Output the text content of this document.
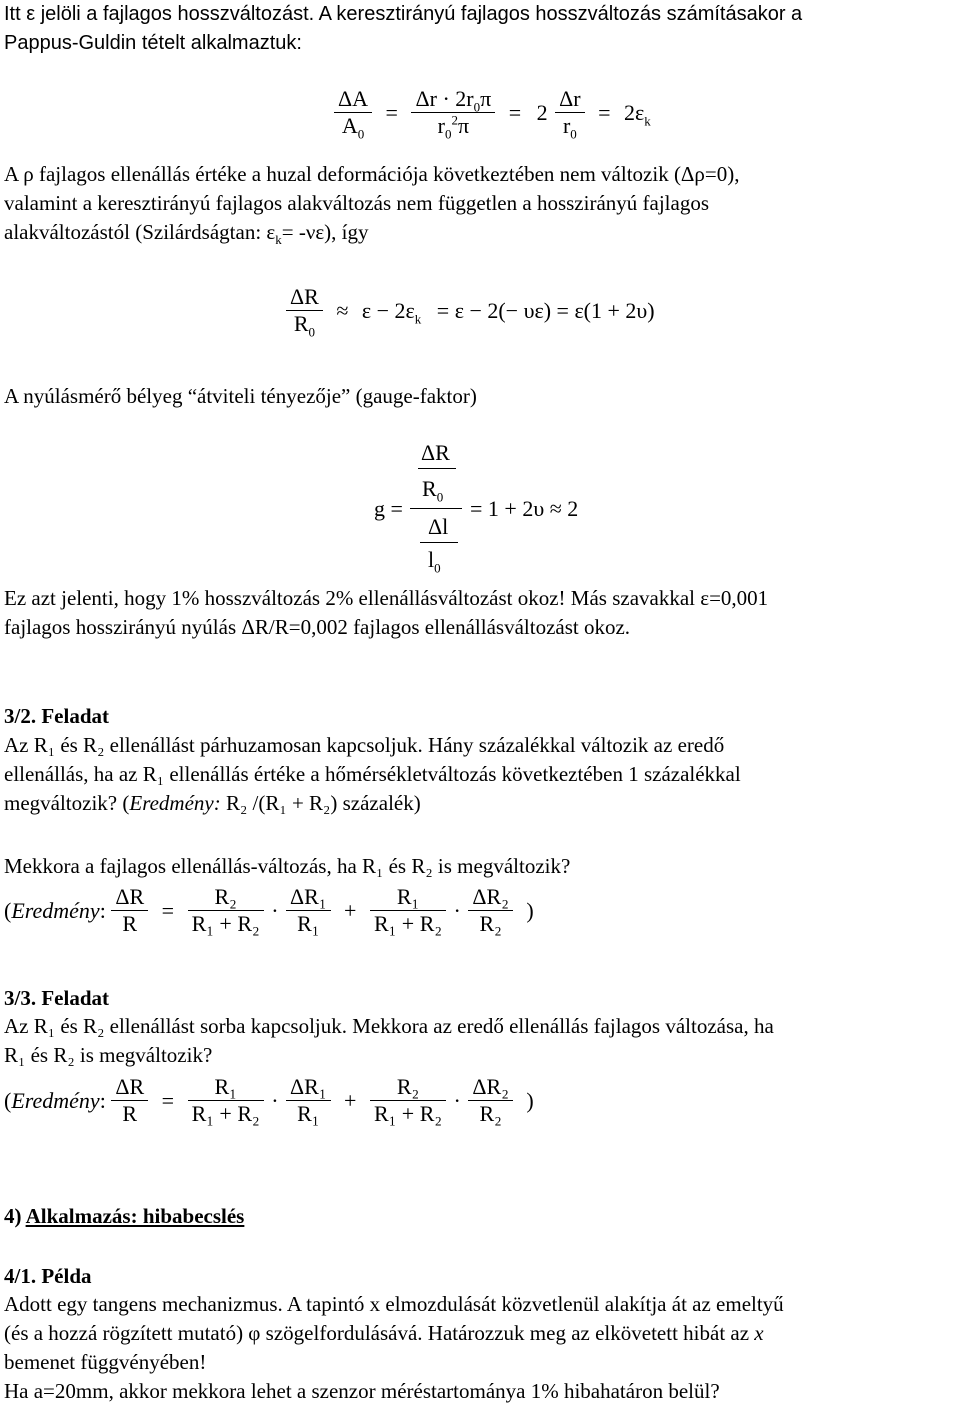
Itt ε jelöli a fajlagos hosszváltozást. A keresztirányú fajlagos hosszváltozás számításakor a
Pappus-Guldin tételt alkalmaztuk:
$\frac{\Delta A}{A_0} = \frac{\Delta r \cdot 2r_0\pi}{r_0^2\pi} = 2 \frac{\Delta r}{r_0} = 2\varepsilon_k$
A ρ fajlagos ellenállás értéke a huzal deformációja következtében nem változik (Δρ=0),
valamint a keresztirányú fajlagos alakváltozás nem független a hosszirányú fajlagos
alakváltozástól (Szilárdságtan: $\varepsilon_k= -\nu\varepsilon$), így
$\frac{\Delta R}{R_0} \approx \varepsilon - 2\varepsilon_k = \varepsilon - 2(- \upsilon\varepsilon) = \varepsilon(1 + 2\upsilon)$
A nyúlásmérő bélyeg “átviteli tényezője” (gauge-faktor)
g =
ΔR
$R_0$
Δl
$l_0$
= 1 + 2υ ≈ 2
Ez azt jelenti, hogy 1% hosszváltozás 2% ellenállásváltozást okoz! Más szavakkal ε=0,001
fajlagos hosszirányú nyúlás ΔR/R=0,002 fajlagos ellenállásváltozást okoz.
3/2. Feladat
Az R₁ és R₂ ellenállást párhuzamosan kapcsoljuk. Hány százalékkal változik az eredő
ellenállás, ha az R₁ ellenállás értéke a hőmérsékletváltozás következtében 1 százalékkal
megváltozik? (Eredmény: R₂ /(R₁ + R₂) százalék)
Mekkora a fajlagos ellenállás-változás, ha R₁ és R₂ is megváltozik?
(Eredmény: $\frac{\Delta R}{R} = \frac{\text{R₂}}{\text{R₁ + R₂}} \cdot \frac{\text{ΔR₁}}{\text{R₁}} + \frac{\text{R₁}}{\text{R₁ + R₂}} \cdot \frac{\text{ΔR₂}}{\text{R₂}}$ )
3/3. Feladat
Az R₁ és R₂ ellenállást sorba kapcsoljuk. Mekkora az eredő ellenállás fajlagos változása, ha
R₁ és R₂ is megváltozik?
(Eredmény: $\frac{\Delta R}{R} = \frac{\text{R₁}}{\text{R₁ + R₂}} \cdot \frac{\text{ΔR₁}}{\text{R₁}} + \frac{\text{R₂}}{\text{R₁ + R₂}} \cdot \frac{\text{ΔR₂}}{\text{R₂}}$ )
4) Alkalmazás: hibabecslés
4/1. Példa
Adott egy tangens mechanizmus. A tapintó x elmozdulását közvetlenül alakítja át az emeltyű
(és a hozzá rögzített mutató) φ szögelfordulásává. Határozzuk meg az elkövetett hibát az x
bemenet függvényében!
Ha a=20mm, akkor mekkora lehet a szenzor méréstartománya 1% hibahatáron belül?
